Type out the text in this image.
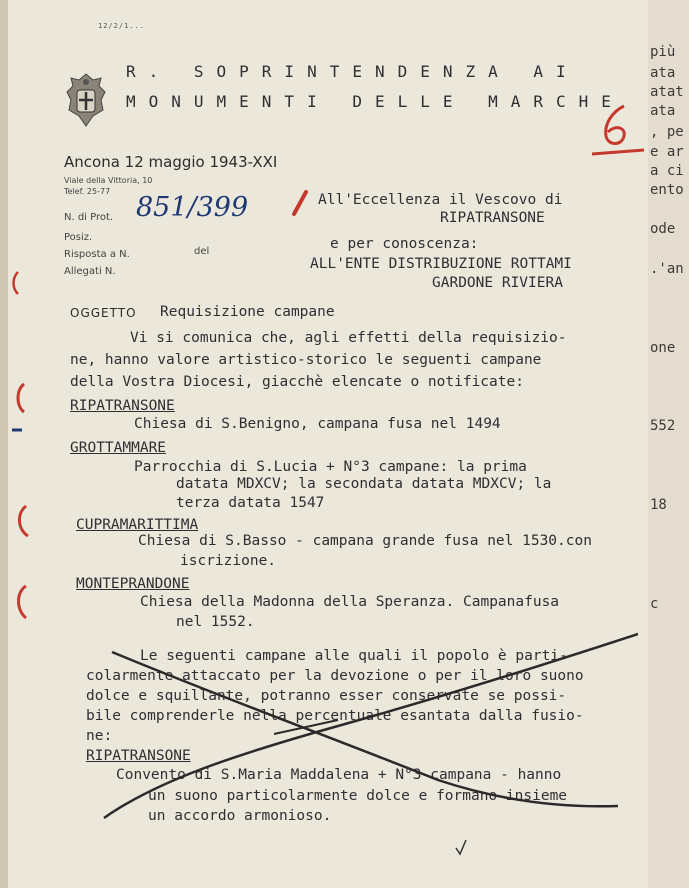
12/2/1...
R. SOPRINTENDENZA AI
MONUMENTI DELLE MARCHE
Ancona 12 maggio 1943-XXI
Viale della Vittoria, 10
Telef. 25-77
N. di Prot. 851/399
Posiz.
Risposta a N.	del
Allegati N.
All'Eccellenza il Vescovo di
RIPATRANSONE
e per conoscenza:
ALL'ENTE DISTRIBUZIONE ROTTAMI
GARDONE RIVIERA
OGGETTO Requisizione campane
Vi si comunica che, agli effetti della requisizio-
ne, hanno valore artistico-storico le seguenti campane
della Vostra Diocesi, giacchè elencate o notificate:
RIPATRANSONE
Chiesa di S.Benigno, campana fusa nel 1494
GROTTAMMARE
Parrocchia di S.Lucia + N°3 campane: la prima
datata MDXCV; la secondata datata MDXCV; la
terza datata 1547
CUPRAMARITTIMA
Chiesa di S.Basso - campana grande fusa nel 1530.con
iscrizione.
MONTEPRANDONE
Chiesa della Madonna della Speranza. Campanafusa
nel 1552.
Le seguenti campane alle quali il popolo è parti-
colarmente attaccato per la devozione o per il loro suono
dolce e squillante, potranno esser conservate se possi-
bile comprenderle nella percentuale esantata dalla fusio-
ne:
RIPATRANSONE
Convento di S.Maria Maddalena + N°3 campana - hanno
un suono particolarmente dolce e formano insieme
un accordo armonioso.
più
ata
atat
ata
, pe
e ar
a ci
ento
ode
.'an
one
552
18
c
